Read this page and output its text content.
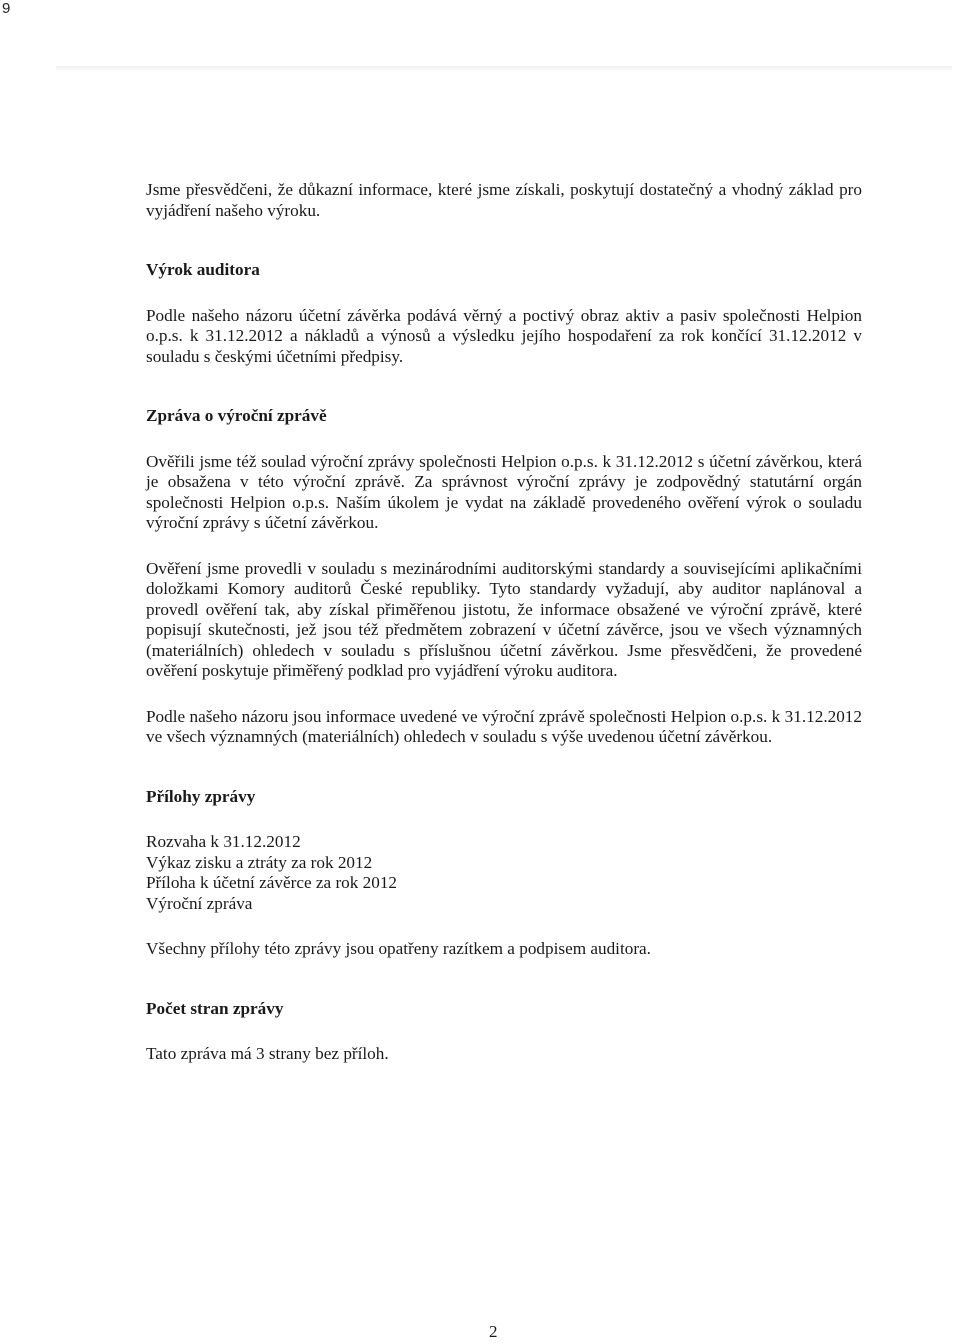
9

Jsme přesvědčeni, že důkazní informace, které jsme získali, poskytují dostatečný a vhodný základ pro vyjádření našeho výroku.

Výrok auditora

Podle našeho názoru účetní závěrka podává věrný a poctivý obraz aktiv a pasiv společnosti Helpion o.p.s. k 31.12.2012 a nákladů a výnosů a výsledku jejího hospodaření za rok končící 31.12.2012 v souladu s českými účetními předpisy.

Zpráva o výroční zprávě

Ověřili jsme též soulad výroční zprávy společnosti Helpion o.p.s. k 31.12.2012 s účetní závěrkou, která je obsažena v této výroční zprávě. Za správnost výroční zprávy je zodpovědný statutární orgán společnosti Helpion o.p.s. Naším úkolem je vydat na základě provedeného ověření výrok o souladu výroční zprávy s účetní závěrkou.

Ověření jsme provedli v souladu s mezinárodními auditorskými standardy a souvisejícími aplikačními doložkami Komory auditorů České republiky. Tyto standardy vyžadují, aby auditor naplánoval a provedl ověření tak, aby získal přiměřenou jistotu, že informace obsažené ve výroční zprávě, které popisují skutečnosti, jež jsou též předmětem zobrazení v účetní závěrce, jsou ve všech významných (materiálních) ohledech v souladu s příslušnou účetní závěrkou. Jsme přesvědčeni, že provedené ověření poskytuje přiměřený podklad pro vyjádření výroku auditora.

Podle našeho názoru jsou informace uvedené ve výroční zprávě společnosti Helpion o.p.s. k 31.12.2012 ve všech významných (materiálních) ohledech v souladu s výše uvedenou účetní závěrkou.

Přílohy zprávy

Rozvaha k 31.12.2012

Výkaz zisku a ztráty za rok 2012

Příloha k účetní závěrce za rok 2012

Výroční zpráva

Všechny přílohy této zprávy jsou opatřeny razítkem a podpisem auditora.

Počet stran zprávy

Tato zpráva má 3 strany bez příloh.

2
